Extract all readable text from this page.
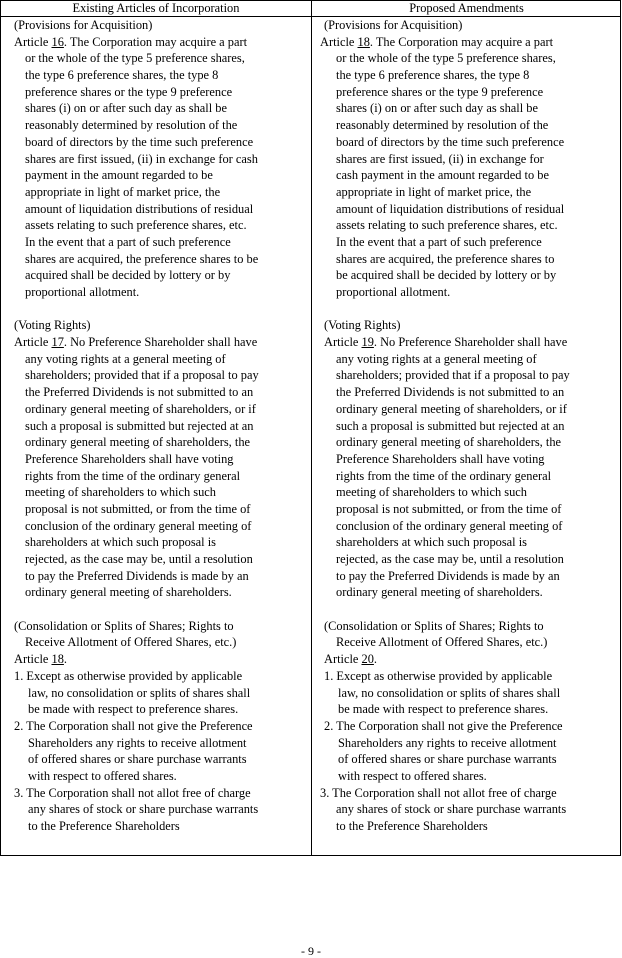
Existing Articles of Incorporation	Proposed Amendments
(Provisions for Acquisition)
Article 16. The Corporation may acquire a part
or the whole of the type 5 preference shares,
the type 6 preference shares, the type 8
preference shares or the type 9 preference
shares (i) on or after such day as shall be
reasonably determined by resolution of the
board of directors by the time such preference
shares are first issued, (ii) in exchange for cash
payment in the amount regarded to be
appropriate in light of market price, the
amount of liquidation distributions of residual
assets relating to such preference shares, etc.
In the event that a part of such preference
shares are acquired, the preference shares to be
acquired shall be decided by lottery or by
proportional allotment.
(Voting Rights)
Article 17. No Preference Shareholder shall have
any voting rights at a general meeting of
shareholders; provided that if a proposal to pay
the Preferred Dividends is not submitted to an
ordinary general meeting of shareholders, or if
such a proposal is submitted but rejected at an
ordinary general meeting of shareholders, the
Preference Shareholders shall have voting
rights from the time of the ordinary general
meeting of shareholders to which such
proposal is not submitted, or from the time of
conclusion of the ordinary general meeting of
shareholders at which such proposal is
rejected, as the case may be, until a resolution
to pay the Preferred Dividends is made by an
ordinary general meeting of shareholders.
(Consolidation or Splits of Shares; Rights to
Receive Allotment of Offered Shares, etc.)
Article 18.
1. Except as otherwise provided by applicable
law, no consolidation or splits of shares shall
be made with respect to preference shares.
2. The Corporation shall not give the Preference
Shareholders any rights to receive allotment
of offered shares or share purchase warrants
with respect to offered shares.
3. The Corporation shall not allot free of charge
any shares of stock or share purchase warrants
to the Preference Shareholders
(Provisions for Acquisition)
Article 18. The Corporation may acquire a part
or the whole of the type 5 preference shares,
the type 6 preference shares, the type 8
preference shares or the type 9 preference
shares (i) on or after such day as shall be
reasonably determined by resolution of the
board of directors by the time such preference
shares are first issued, (ii) in exchange for
cash payment in the amount regarded to be
appropriate in light of market price, the
amount of liquidation distributions of residual
assets relating to such preference shares, etc.
In the event that a part of such preference
shares are acquired, the preference shares to
be acquired shall be decided by lottery or by
proportional allotment.
(Voting Rights)
Article 19. No Preference Shareholder shall have
any voting rights at a general meeting of
shareholders; provided that if a proposal to pay
the Preferred Dividends is not submitted to an
ordinary general meeting of shareholders, or if
such a proposal is submitted but rejected at an
ordinary general meeting of shareholders, the
Preference Shareholders shall have voting
rights from the time of the ordinary general
meeting of shareholders to which such
proposal is not submitted, or from the time of
conclusion of the ordinary general meeting of
shareholders at which such proposal is
rejected, as the case may be, until a resolution
to pay the Preferred Dividends is made by an
ordinary general meeting of shareholders.
(Consolidation or Splits of Shares; Rights to
Receive Allotment of Offered Shares, etc.)
Article 20.
1. Except as otherwise provided by applicable
law, no consolidation or splits of shares shall
be made with respect to preference shares.
2. The Corporation shall not give the Preference
Shareholders any rights to receive allotment
of offered shares or share purchase warrants
with respect to offered shares.
3. The Corporation shall not allot free of charge
any shares of stock or share purchase warrants
to the Preference Shareholders
- 9 -
